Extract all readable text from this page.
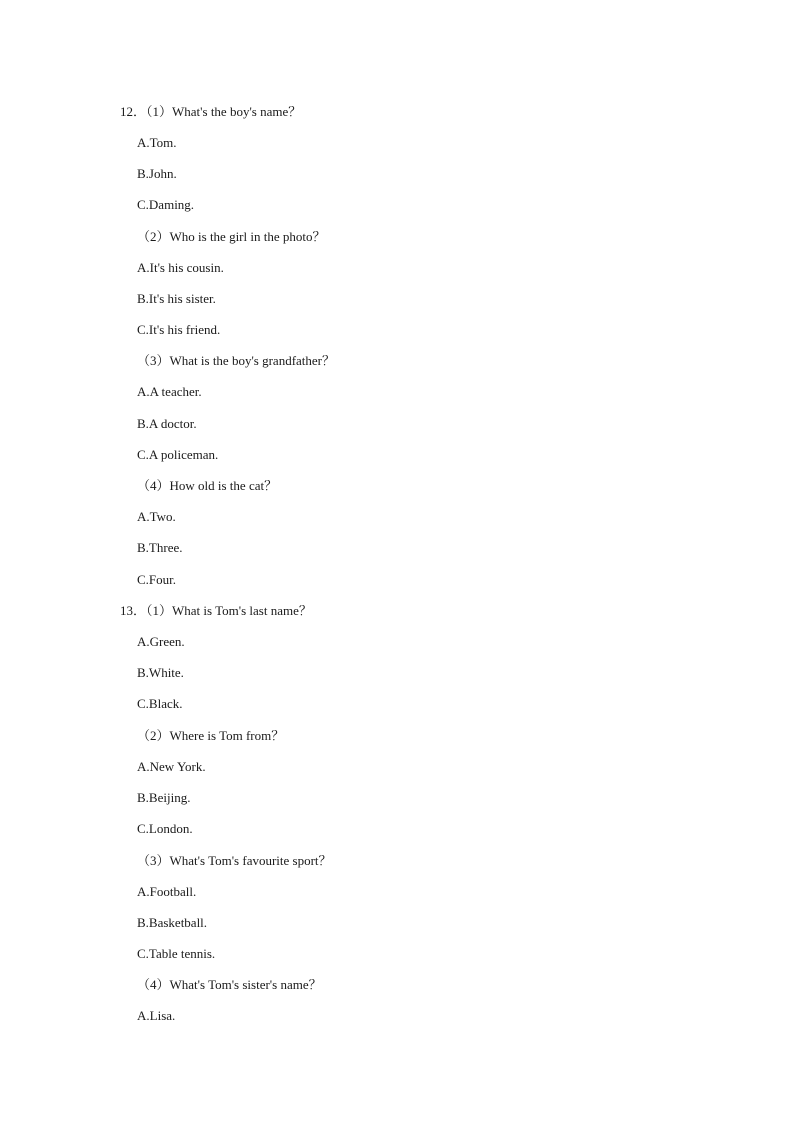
12．（1）What's the boy's name？
A.Tom.
B.John.
C.Daming.
（2）Who is the girl in the photo？
A.It's his cousin.
B.It's his sister.
C.It's his friend.
（3）What is the boy's grandfather？
A.A teacher.
B.A doctor.
C.A policeman.
（4）How old is the cat？
A.Two.
B.Three.
C.Four.
13．（1）What is Tom's last name？
A.Green.
B.White.
C.Black.
（2）Where is Tom from？
A.New York.
B.Beijing.
C.London.
（3）What's Tom's favourite sport？
A.Football.
B.Basketball.
C.Table tennis.
（4）What's Tom's sister's name？
A.Lisa.
